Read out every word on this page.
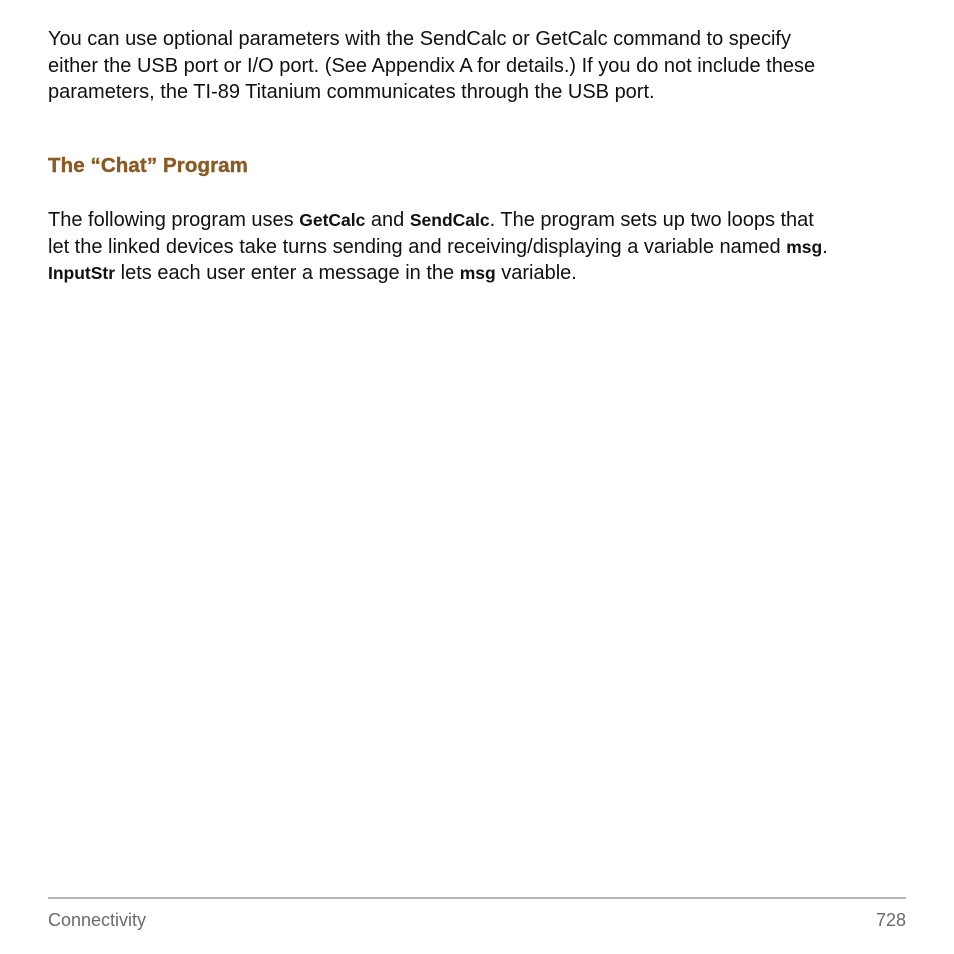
You can use optional parameters with the SendCalc or GetCalc command to specify
either the USB port or I/O port. (See Appendix A for details.) If you do not include these
parameters, the TI-89 Titanium communicates through the USB port.

The “Chat” Program

The following program uses GetCalc and SendCalc. The program sets up two loops that
let the linked devices take turns sending and receiving/displaying a variable named msg.
InputStr lets each user enter a message in the msg variable.

Connectivity	728
